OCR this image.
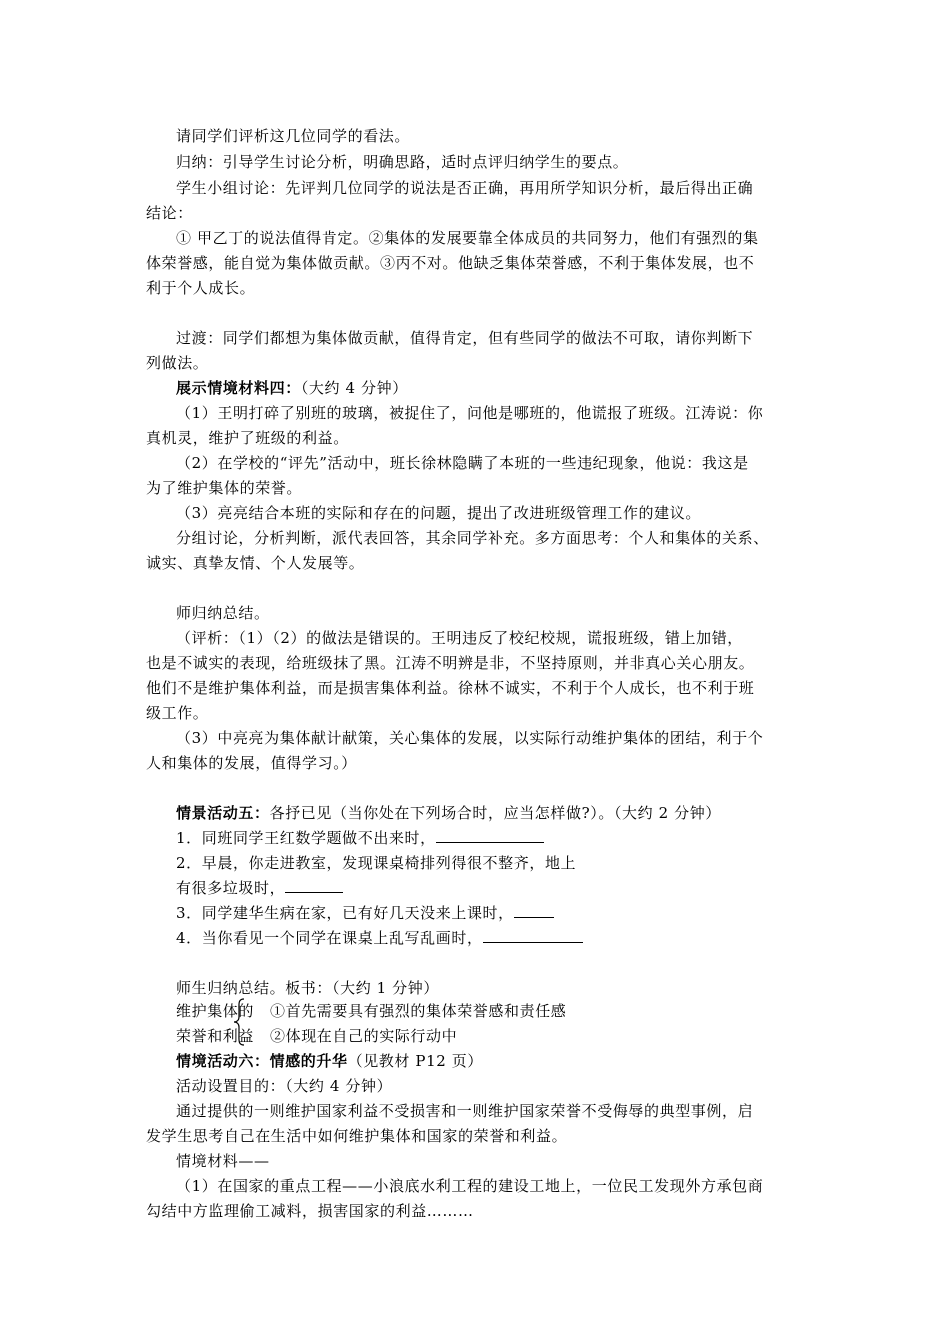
请同学们评析这几位同学的看法。
归纳：引导学生讨论分析，明确思路，适时点评归纳学生的要点。
学生小组讨论：先评判几位同学的说法是否正确，再用所学知识分析，最后得出正确
结论：
① 甲乙丁的说法值得肯定。②集体的发展要靠全体成员的共同努力，他们有强烈的集
体荣誉感，能自觉为集体做贡献。③丙不对。他缺乏集体荣誉感，不利于集体发展，也不
利于个人成长。
过渡：同学们都想为集体做贡献，值得肯定，但有些同学的做法不可取，请你判断下
列做法。
展示情境材料四：（大约 4 分钟）
（1）王明打碎了别班的玻璃，被捉住了，问他是哪班的，他谎报了班级。江涛说：你
真机灵，维护了班级的利益。
（2）在学校的“评先”活动中，班长徐林隐瞒了本班的一些违纪现象，他说：我这是
为了维护集体的荣誉。
（3）亮亮结合本班的实际和存在的问题，提出了改进班级管理工作的建议。
分组讨论，分析判断，派代表回答，其余同学补充。多方面思考：个人和集体的关系、
诚实、真挚友情、个人发展等。
师归纳总结。
（评析：（1）（2）的做法是错误的。王明违反了校纪校规，谎报班级，错上加错，
也是不诚实的表现，给班级抹了黑。江涛不明辨是非，不坚持原则，并非真心关心朋友。
他们不是维护集体利益，而是损害集体利益。徐林不诚实，不利于个人成长，也不利于班
级工作。
（3）中亮亮为集体献计献策，关心集体的发展，以实际行动维护集体的团结，利于个
人和集体的发展，值得学习。）
情景活动五：各抒已见（当你处在下列场合时，应当怎样做?）。（大约 2 分钟）
1．同班同学王红数学题做不出来时，
2．早晨，你走进教室，发现课桌椅排列得很不整齐，地上
有很多垃圾时，
3．同学建华生病在家，已有好几天没来上课时，
4．当你看见一个同学在课桌上乱写乱画时，
师生归纳总结。板书：（大约 1 分钟）
维护集体的 ①首先需要具有强烈的集体荣誉感和责任感
荣誉和利益 ②体现在自己的实际行动中
情境活动六：情感的升华（见教材 P12 页）
活动设置目的：（大约 4 分钟）
通过提供的一则维护国家利益不受损害和一则维护国家荣誉不受侮辱的典型事例，启
发学生思考自己在生活中如何维护集体和国家的荣誉和利益。
情境材料——
（1）在国家的重点工程——小浪底水利工程的建设工地上，一位民工发现外方承包商
勾结中方监理偷工减料，损害国家的利益………
